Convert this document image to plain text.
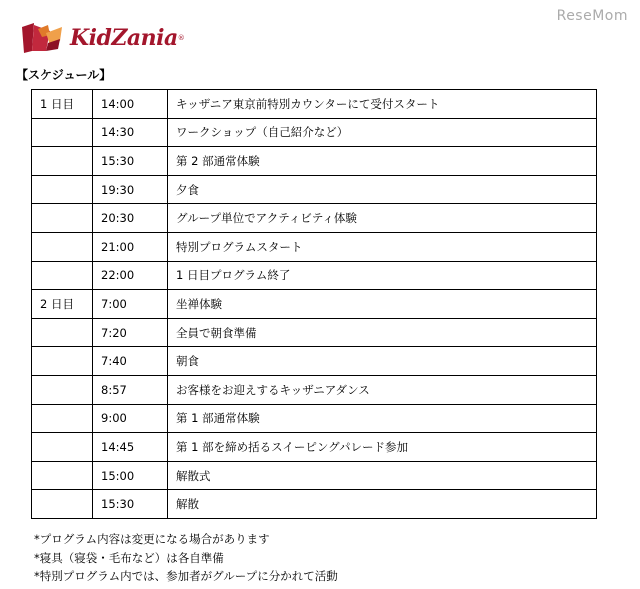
KidZania ®
ReseMom
【スケジュール】
1 日目	14:00	キッザニア東京前特別カウンターにて受付スタート
	14:30	ワークショップ（自己紹介など）
	15:30	第 2 部通常体験
	19:30	夕食
	20:30	グループ単位でアクティビティ体験
	21:00	特別プログラムスタート
	22:00	1 日目プログラム終了
2 日目	7:00	坐禅体験
	7:20	全員で朝食準備
	7:40	朝食
	8:57	お客様をお迎えするキッザニアダンス
	9:00	第 1 部通常体験
	14:45	第 1 部を締め括るスイーピングパレード参加
	15:00	解散式
	15:30	解散
*プログラム内容は変更になる場合があります
*寝具（寝袋・毛布など）は各自準備
*特別プログラム内では、参加者がグループに分かれて活動
